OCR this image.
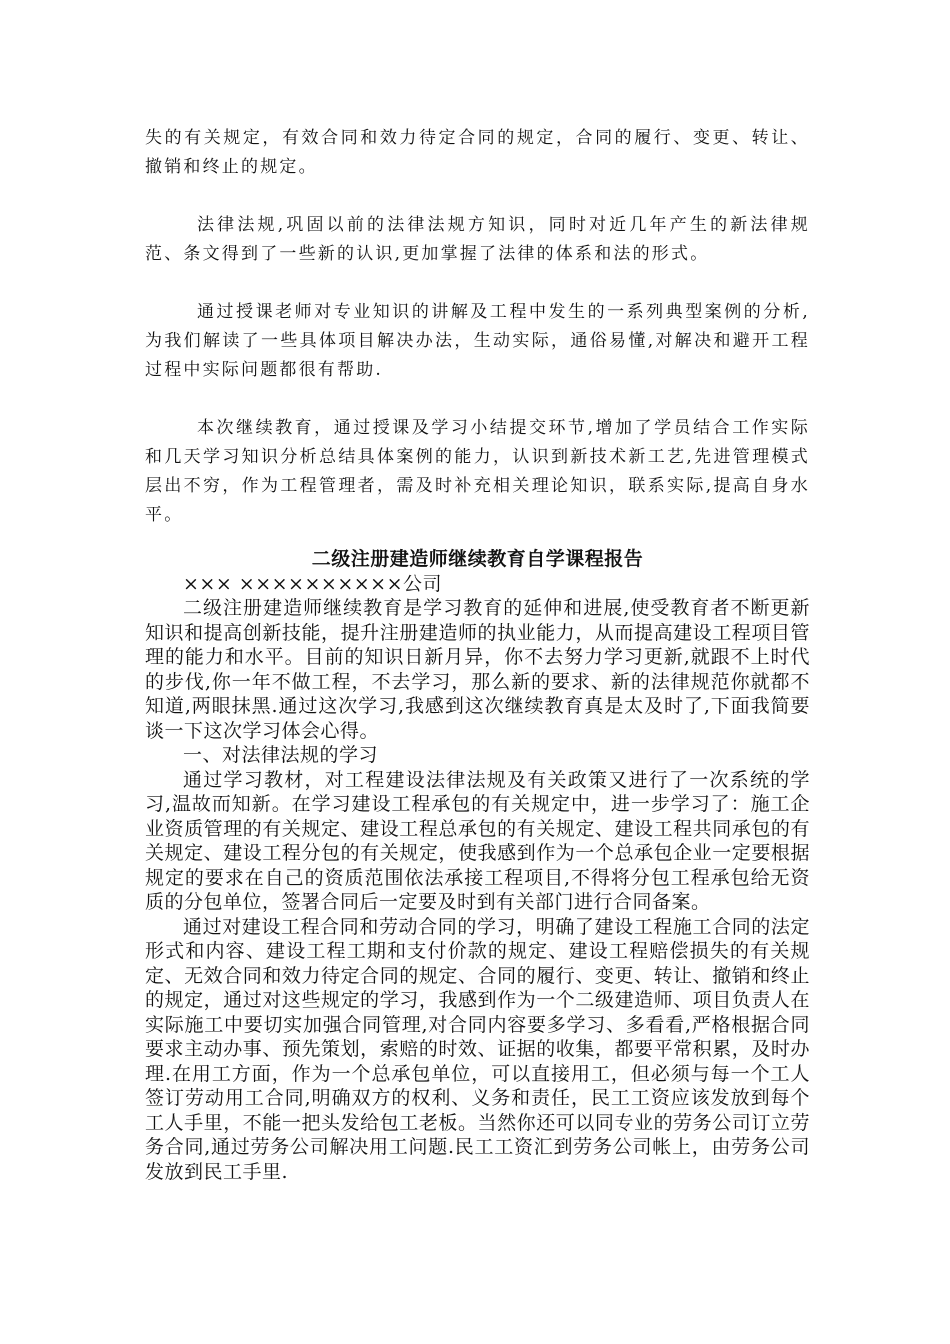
失的有关规定，有效合同和效力待定合同的规定，合同的履行、变更、转让、撤销和终止的规定。

法律法规,巩固以前的法律法规方知识，同时对近几年产生的新法律规范、条文得到了一些新的认识,更加掌握了法律的体系和法的形式。

通过授课老师对专业知识的讲解及工程中发生的一系列典型案例的分析,为我们解读了一些具体项目解决办法，生动实际，通俗易懂,对解决和避开工程过程中实际问题都很有帮助.

本次继续教育，通过授课及学习小结提交环节,增加了学员结合工作实际和几天学习知识分析总结具体案例的能力，认识到新技术新工艺,先进管理模式层出不穷，作为工程管理者，需及时补充相关理论知识，联系实际,提高自身水平。

二级注册建造师继续教育自学课程报告

××× ××××××××××公司

二级注册建造师继续教育是学习教育的延伸和进展,使受教育者不断更新知识和提高创新技能，提升注册建造师的执业能力，从而提高建设工程项目管理的能力和水平。目前的知识日新月异，你不去努力学习更新,就跟不上时代的步伐,你一年不做工程，不去学习，那么新的要求、新的法律规范你就都不知道,两眼抹黑.通过这次学习,我感到这次继续教育真是太及时了,下面我简要谈一下这次学习体会心得。

一、对法律法规的学习

通过学习教材，对工程建设法律法规及有关政策又进行了一次系统的学习,温故而知新。在学习建设工程承包的有关规定中，进一步学习了：施工企业资质管理的有关规定、建设工程总承包的有关规定、建设工程共同承包的有关规定、建设工程分包的有关规定，使我感到作为一个总承包企业一定要根据规定的要求在自己的资质范围依法承接工程项目,不得将分包工程承包给无资质的分包单位，签署合同后一定要及时到有关部门进行合同备案。

通过对建设工程合同和劳动合同的学习，明确了建设工程施工合同的法定形式和内容、建设工程工期和支付价款的规定、建设工程赔偿损失的有关规定、无效合同和效力待定合同的规定、合同的履行、变更、转让、撤销和终止的规定，通过对这些规定的学习，我感到作为一个二级建造师、项目负责人在实际施工中要切实加强合同管理,对合同内容要多学习、多看看,严格根据合同要求主动办事、预先策划，索赔的时效、证据的收集，都要平常积累，及时办理.在用工方面，作为一个总承包单位，可以直接用工，但必须与每一个工人签订劳动用工合同,明确双方的权利、义务和责任，民工工资应该发放到每个工人手里，不能一把头发给包工老板。当然你还可以同专业的劳务公司订立劳务合同,通过劳务公司解决用工问题.民工工资汇到劳务公司帐上，由劳务公司发放到民工手里.
